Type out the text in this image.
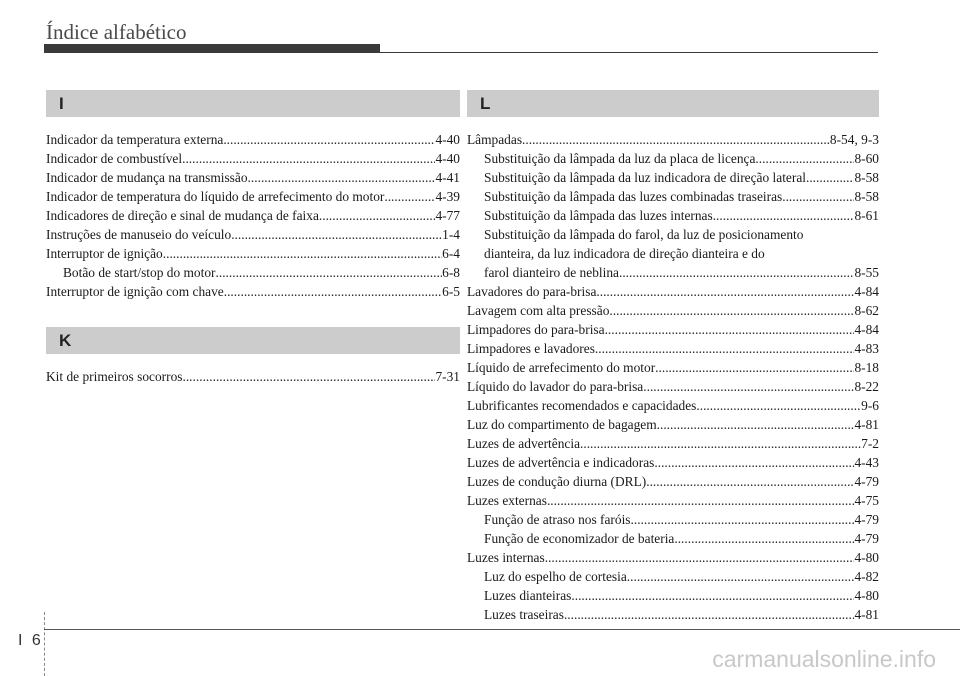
Índice alfabético
I
Indicador da temperatura externa .....	4-40
Indicador de combustível .....	4-40
Indicador de mudança na transmissão .....	4-41
Indicador de temperatura do líquido de arrefecimento do motor .....	4-39
Indicadores de direção e sinal de mudança de faixa .....	4-77
Instruções de manuseio do veículo .....	1-4
Interruptor de ignição .....	6-4
Botão de start/stop do motor .....	6-8
Interruptor de ignição com chave .....	6-5
K
Kit de primeiros socorros .....	7-31
L
Lâmpadas .....	8-54, 9-3
Substituição da lâmpada da luz da placa de licença .....	8-60
Substituição da lâmpada da luz indicadora de direção lateral .....	8-58
Substituição da lâmpada das luzes combinadas traseiras .....	8-58
Substituição da lâmpada das luzes internas .....	8-61
Substituição da lâmpada do farol, da luz de posicionamento
dianteira, da luz indicadora de direção dianteira e do
farol dianteiro de neblina .....	8-55
Lavadores do para-brisa .....	4-84
Lavagem com alta pressão .....	8-62
Limpadores do para-brisa .....	4-84
Limpadores e lavadores .....	4-83
Líquido de arrefecimento do motor .....	8-18
Líquido do lavador do para-brisa .....	8-22
Lubrificantes recomendados e capacidades .....	9-6
Luz do compartimento de bagagem .....	4-81
Luzes de advertência .....	7-2
Luzes de advertência e indicadoras .....	4-43
Luzes de condução diurna (DRL) .....	4-79
Luzes externas .....	4-75
Função de atraso nos faróis .....	4-79
Função de economizador de bateria .....	4-79
Luzes internas .....	4-80
Luz do espelho de cortesia .....	4-82
Luzes dianteiras .....	4-80
Luzes traseiras .....	4-81
I 6
carmanualsonline.info
